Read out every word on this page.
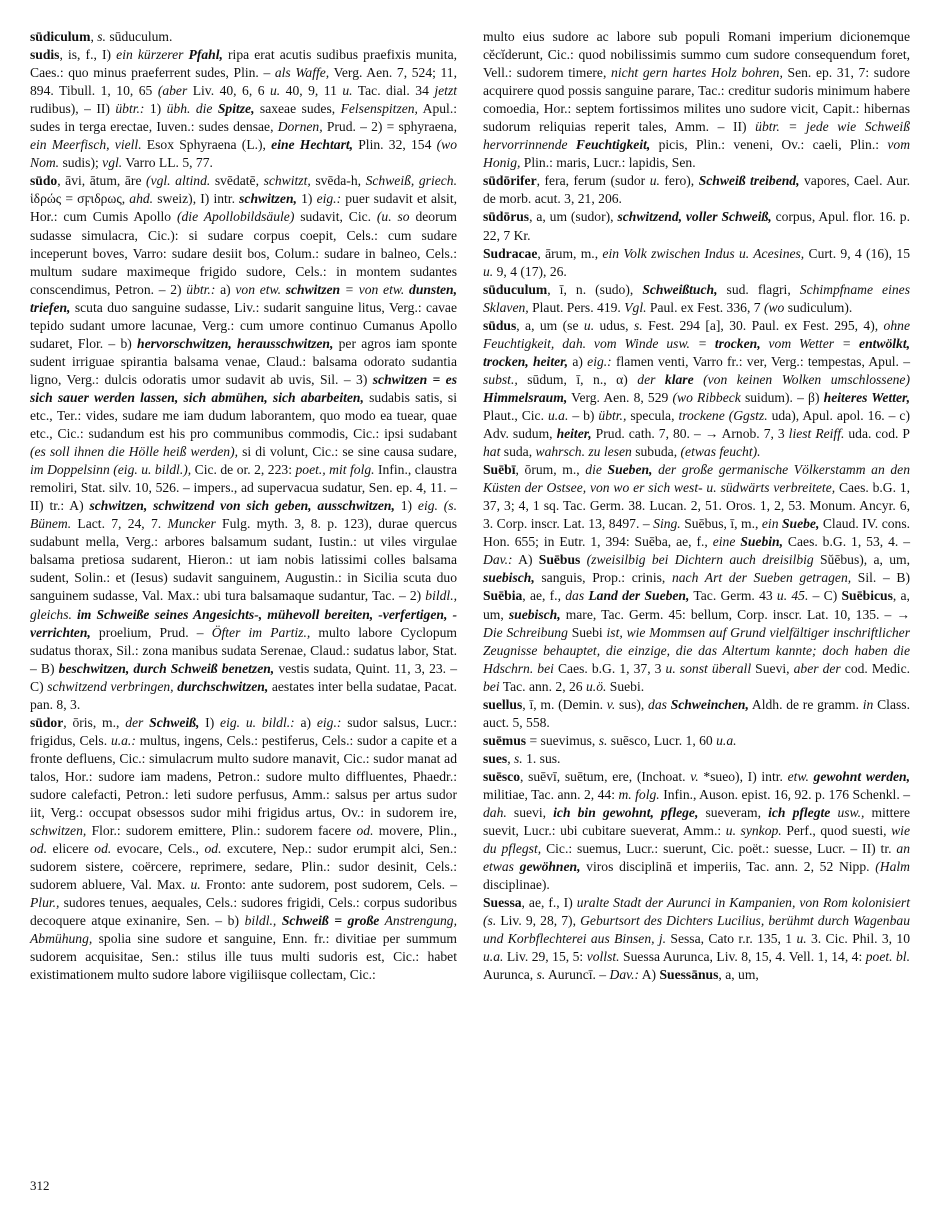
sūdiculum, s. sūduculum.

sudis, is, f., I) ein kürzerer Pfahl, ripa erat acutis sudibus praefixis munita, Caes.: quo minus praeferrent sudes, Plin. – als Waffe, Verg. Aen. 7, 524; 11, 894. Tibull. 1, 10, 65 (aber Liv. 40, 6, 6 u. 40, 9, 11 u. Tac. dial. 34 jetzt rudibus), – II) übtr.: 1) übh. die Spitze, saxeae sudes, Felsenspitzen, Apul.: sudes in terga erectae, Iuven.: sudes densae, Dornen, Prud. – 2) = sphyraena, ein Meerfisch, viell. Esox Sphyraena (L.), eine Hechtart, Plin. 32, 154 (wo Nom. sudis); vgl. Varro LL. 5, 77.

sūdo, āvi, ātum, āre (vgl. altind. svēdatē, schwitzt, svēda-h, Schweiß, griech. ἱδρώς = σϝιδρως, ahd. sweiz), I) intr. schwitzen, 1) eig.: puer sudavit et alsit, Hor.: cum Cumis Apollo (die Apollobildsäule) sudavit, Cic. (u. so deorum sudasse simulacra, Cic.): si sudare corpus coepit, Cels.: cum sudare inceperunt boves, Varro: sudare desiit bos, Colum.: sudare in balneo, Cels.: multum sudare maximeque frigido sudore, Cels.: in montem sudantes conscendimus, Petron. – 2) übtr.: a) von etw. schwitzen = von etw. dunsten, triefen, scuta duo sanguine sudasse, Liv.: sudarit sanguine litus, Verg.: cavae tepido sudant umore lacunae, Verg.: cum umore continuo Cumanus Apollo sudaret, Flor. – b) hervorschwitzen, herausschwitzen, per agros iam sponte sudent irriguae spirantia balsama venae, Claud.: balsama odorato sudantia ligno, Verg.: dulcis odoratis umor sudavit ab uvis, Sil. – 3) schwitzen = es sich sauer werden lassen, sich abmühen, sich abarbeiten, sudabis satis, si etc., Ter.: vides, sudare me iam dudum laborantem, quo modo ea tuear, quae etc., Cic.: sudandum est his pro communibus commodis, Cic.: ipsi sudabant (es soll ihnen die Hölle heiß werden), si di volunt, Cic.: se sine causa sudare, im Doppelsinn (eig. u. bildl.), Cic. de or. 2, 223: poet., mit folg. Infin., claustra remoliri, Stat. silv. 10, 526. – impers., ad supervacua sudatur, Sen. ep. 4, 11. – II) tr.: A) schwitzen, schwitzend von sich geben, ausschwitzen, 1) eig. (s. Bünem. Lact. 7, 24, 7. Muncker Fulg. myth. 3, 8. p. 123), durae quercus sudabunt mella, Verg.: arbores balsamum sudant, Iustin.: ut viles virgulae balsama pretiosa sudarent, Hieron.: ut iam nobis latissimi colles balsama sudent, Solin.: et (Iesus) sudavit sanguinem, Augustin.: in Sicilia scuta duo sanguinem sudasse, Val. Max.: ubi tura balsamaque sudantur, Tac. – 2) bildl., gleichs. im Schweiße seines Angesichts-, mühevoll bereiten, -verfertigen, -verrichten, proelium, Prud. – Öfter im Partiz., multo labore Cyclopum sudatus thorax, Sil.: zona manibus sudata Serenae, Claud.: sudatus labor, Stat. – B) beschwitzen, durch Schweiß benetzen, vestis sudata, Quint. 11, 3, 23. – C) schwitzend verbringen, durchschwitzen, aestates inter bella sudatae, Pacat. pan. 8, 3.

sūdor, ōris, m., der Schweiß, I) eig. u. bildl.: a) eig.: sudor salsus, Lucr.: frigidus, Cels. u.a.: multus, ingens, Cels.: pestiferus, Cels.: sudor a capite et a fronte defluens, Cic.: simulacrum multo sudore manavit, Cic.: sudor manat ad talos, Hor.: sudore iam madens, Petron.: sudore multo diffluentes, Phaedr.: sudore calefacti, Petron.: leti sudore perfusus, Amm.: salsus per artus sudor iit, Verg.: occupat obsessos sudor mihi frigidus artus, Ov.: in sudorem ire, schwitzen, Flor.: sudorem emittere, Plin.: sudorem facere od. movere, Plin., od. elicere od. evocare, Cels., od. excutere, Nep.: sudor erumpit alci, Sen.: sudorem sistere, coërcere, reprimere, sedare, Plin.: sudor desinit, Cels.: sudorem abluere, Val. Max. u. Fronto: ante sudorem, post sudorem, Cels. – Plur., sudores tenues, aequales, Cels.: sudores frigidi, Cels.: corpus sudoribus decoquere atque exinanire, Sen. – b) bildl., Schweiß = große Anstrengung, Abmühung, spolia sine sudore et sanguine, Enn. fr.: divitiae per summum sudorem acquisitae, Sen.: stilus ille tuus multi sudoris est, Cic.: habet existimationem multo sudore labore vigiliisque collectam, Cic.:

multo eius sudore ac labore sub populi Romani imperium dicionemque cĕcĭderunt, Cic.: quod nobilissimis summo cum sudore consequendum foret, Vell.: sudorem timere, nicht gern hartes Holz bohren, Sen. ep. 31, 7: sudore acquirere quod possis sanguine parare, Tac.: creditur sudoris minimum habere comoedia, Hor.: septem fortissimos milites uno sudore vicit, Capit.: hibernas sudorum reliquias reperit tales, Amm. – II) übtr. = jede wie Schweiß hervorrinnende Feuchtigkeit, picis, Plin.: veneni, Ov.: caeli, Plin.: vom Honig, Plin.: maris, Lucr.: lapidis, Sen.

sūdōrifer, fera, ferum (sudor u. fero), Schweiß treibend, vapores, Cael. Aur. de morb. acut. 3, 21, 206.

sūdōrus, a, um (sudor), schwitzend, voller Schweiß, corpus, Apul. flor. 16. p. 22, 7 Kr.

Sudracae, ārum, m., ein Volk zwischen Indus u. Acesines, Curt. 9, 4 (16), 15 u. 9, 4 (17), 26.

sūduculum, ī, n. (sudo), Schweißtuch, sud. flagri, Schimpfname eines Sklaven, Plaut. Pers. 419. Vgl. Paul. ex Fest. 336, 7 (wo sudiculum).

sūdus, a, um (se u. udus, s. Fest. 294 [a], 30. Paul. ex Fest. 295, 4), ohne Feuchtigkeit, dah. vom Winde usw. = trocken, vom Wetter = entwölkt, trocken, heiter, a) eig.: flamen venti, Varro fr.: ver, Verg.: tempestas, Apul. – subst., sūdum, ī, n., α) der klare (von keinen Wolken umschlossene) Himmelsraum, Verg. Aen. 8, 529 (wo Ribbeck suidum). – β) heiteres Wetter, Plaut., Cic. u.a. – b) übtr., specula, trockene (Ggstz. uda), Apul. apol. 16. – c) Adv. sudum, heiter, Prud. cath. 7, 80. – → Arnob. 7, 3 liest Reiff. uda. cod. P hat suda, wahrsch. zu lesen subuda, (etwas feucht).

Suēbī, ōrum, m., die Sueben, der große germanische Völkerstamm an den Küsten der Ostsee, von wo er sich west- u. südwärts verbreitete, Caes. b.G. 1, 37, 3; 4, 1 sq. Tac. Germ. 38. Lucan. 2, 51. Oros. 1, 2, 53. Monum. Ancyr. 6, 3. Corp. inscr. Lat. 13, 8497. – Sing. Suēbus, ī, m., ein Suebe, Claud. IV. cons. Hon. 655; in Eutr. 1, 394: Suēba, ae, f., eine Suebin, Caes. b.G. 1, 53, 4. – Dav.: A) Suēbus (zweisilbig bei Dichtern auch dreisilbig Sŭēbus), a, um, suebisch, sanguis, Prop.: crinis, nach Art der Sueben getragen, Sil. – B) Suēbia, ae, f., das Land der Sueben, Tac. Germ. 43 u. 45. – C) Suēbicus, a, um, suebisch, mare, Tac. Germ. 45: bellum, Corp. inscr. Lat. 10, 135. – → Die Schreibung Suebi ist, wie Mommsen auf Grund vielfältiger inschriftlicher Zeugnisse behauptet, die einzige, die das Altertum kannte; doch haben die Hdschrn. bei Caes. b.G. 1, 37, 3 u. sonst überall Suevi, aber der cod. Medic. bei Tac. ann. 2, 26 u.ö. Suebi.

suellus, ī, m. (Demin. v. sus), das Schweinchen, Aldh. de re gramm. in Class. auct. 5, 558.

suēmus = suevimus, s. suēsco, Lucr. 1, 60 u.a.

sues, s. 1. sus.

suēsco, suēvī, suētum, ere, (Inchoat. v. *sueo), I) intr. etw. gewohnt werden, militiae, Tac. ann. 2, 44: m. folg. Infin., Auson. epist. 16, 92. p. 176 Schenkl. – dah. suevi, ich bin gewohnt, pflege, sueveram, ich pflegte usw., mittere suevit, Lucr.: ubi cubitare sueverat, Amm.: u. synkop. Perf., quod suesti, wie du pflegst, Cic.: suemus, Lucr.: suerunt, Cic. poët.: suesse, Lucr. – II) tr. an etwas gewöhnen, viros disciplinā et imperiis, Tac. ann. 2, 52 Nipp. (Halm disciplinae).

Suessa, ae, f., I) uralte Stadt der Aurunci in Kampanien, von Rom kolonisiert (s. Liv. 9, 28, 7), Geburtsort des Dichters Lucilius, berühmt durch Wagenbau und Korbflechterei aus Binsen, j. Sessa, Cato r.r. 135, 1 u. 3. Cic. Phil. 3, 10 u.a. Liv. 29, 15, 5: vollst. Suessa Aurunca, Liv. 8, 15, 4. Vell. 1, 14, 4: poet. bl. Aurunca, s. Auruncī. – Dav.: A) Suessānus, a, um,

312
